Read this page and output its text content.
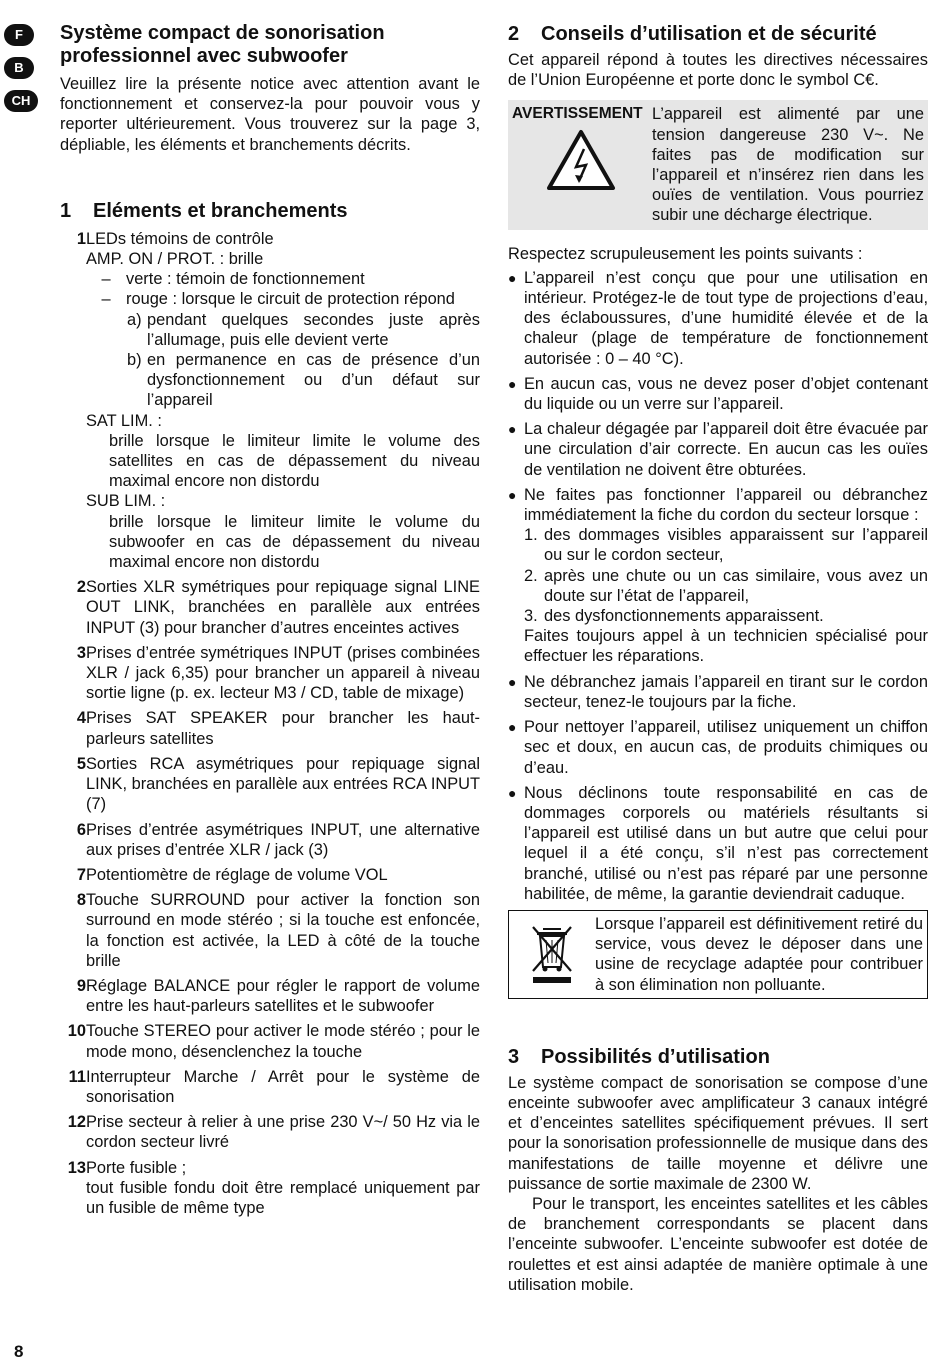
F
B
CH
Système compact de sonorisation
professionnel avec subwoofer

Veuillez lire la présente notice avec attention avant le fonctionnement et conservez-la pour pouvoir vous y reporter ultérieurement. Vous trouverez sur la page 3, dépliable, les éléments et branchements décrits.

1 Eléments et branchements
1 LEDs témoins de contrôle
AMP. ON / PROT. : brille
– verte : témoin de fonctionnement
– rouge : lorsque le circuit de protection répond
a) pendant quelques secondes juste après l’allumage, puis elle devient verte
b) en permanence en cas de présence d’un dysfonctionnement ou d’un défaut sur l’appareil
SAT LIM. :

brille lorsque le limiteur limite le volume des satellites en cas de dépassement du niveau maximal encore non distordu

SUB LIM. :

brille lorsque le limiteur limite le volume du subwoofer en cas de dépassement du niveau maximal encore non distordu

2 Sorties XLR symétriques pour repiquage signal LINE OUT LINK, branchées en parallèle aux entrées INPUT (3) pour brancher d’autres enceintes actives

3 Prises d’entrée symétriques INPUT (prises combinées XLR / jack 6,35) pour brancher un appareil à niveau sortie ligne (p. ex. lecteur M3 / CD, table de mixage)

4 Prises SAT SPEAKER pour brancher les haut-parleurs satellites

5 Sorties RCA asymétriques pour repiquage signal LINK, branchées en parallèle aux entrées RCA INPUT (7)

6 Prises d’entrée asymétriques INPUT, une alternative aux prises d’entrée XLR / jack (3)

7 Potentiomètre de réglage de volume VOL

8 Touche SURROUND pour activer la fonction son surround en mode stéréo ; si la touche est enfoncée, la fonction est activée, la LED à côté de la touche brille

9 Réglage BALANCE pour régler le rapport de volume entre les haut-parleurs satellites et le subwoofer

10 Touche STEREO pour activer le mode stéréo ; pour le mode mono, désenclenchez la touche

11 Interrupteur Marche / Arrêt pour le système de sonorisation

12 Prise secteur à relier à une prise 230 V~/ 50 Hz via le cordon secteur livré

13 Porte fusible ;
tout fusible fondu doit être remplacé uniquement par un fusible de même type
2 Conseils d’utilisation et de sécurité

Cet appareil répond à toutes les directives nécessaires de l’Union Européenne et porte donc le symbol C€.

AVERTISSEMENT L’appareil est alimenté par une tension dangereuse 230 V~. Ne faites pas de modification sur l’appareil et n’insérez rien dans les ouïes de ventilation. Vous pourriez subir une décharge électrique.

Respectez scrupuleusement les points suivants :

● L’appareil n’est conçu que pour une utilisation en intérieur. Protégez-le de tout type de projections d’eau, des éclaboussures, d’une humidité élevée et de la chaleur (plage de température de fonctionnement autorisée : 0 – 40 °C).

● En aucun cas, vous ne devez poser d’objet contenant du liquide ou un verre sur l’appareil.

● La chaleur dégagée par l’appareil doit être évacuée par une circulation d’air correcte. En aucun cas les ouïes de ventilation ne doivent être obturées.

● Ne faites pas fonctionner l’appareil ou débranchez immédiatement la fiche du cordon du secteur lorsque :

1. des dommages visibles apparaissent sur l’appareil ou sur le cordon secteur,
2. après une chute ou un cas similaire, vous avez un doute sur l’état de l’appareil,
3. des dysfonctionnements apparaissent.

Faites toujours appel à un technicien spécialisé pour effectuer les réparations.

● Ne débranchez jamais l’appareil en tirant sur le cordon secteur, tenez-le toujours par la fiche.

● Pour nettoyer l’appareil, utilisez uniquement un chiffon sec et doux, en aucun cas, de produits chimiques ou d’eau.

● Nous déclinons toute responsabilité en cas de dommages corporels ou matériels résultants si l’appareil est utilisé dans un but autre que celui pour lequel il a été conçu, s’il n’est pas correctement branché, utilisé ou n’est pas réparé par une personne habilitée, de même, la garantie deviendrait caduque.

Lorsque l’appareil est définitivement retiré du service, vous devez le déposer dans une usine de recyclage adaptée pour contribuer à son élimination non polluante.

3 Possibilités d’utilisation

Le système compact de sonorisation se compose d’une enceinte subwoofer avec amplificateur 3 canaux intégré et d’enceintes satellites spécifiquement prévues. Il sert pour la sonorisation professionnelle de musique dans des manifestations de taille moyenne et délivre une puissance de sortie maximale de 2300 W.

Pour le transport, les enceintes satellites et les câbles de branchement correspondants se placent dans l’enceinte subwoofer. L’enceinte subwoofer est dotée de roulettes et est ainsi adaptée de manière optimale à une utilisation mobile.

8
